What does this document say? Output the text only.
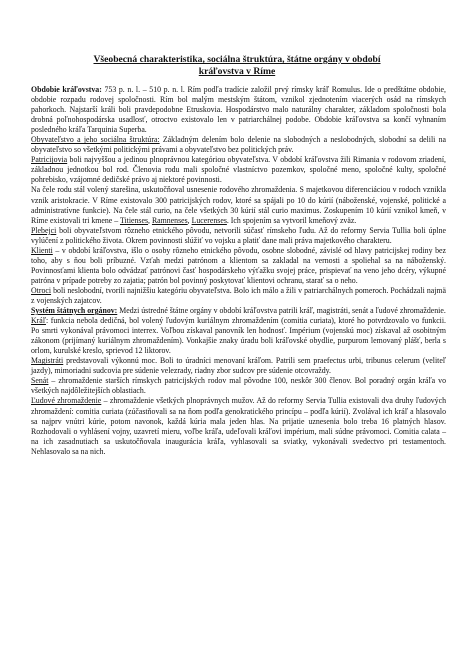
Všeobecná charakteristika, sociálna štruktúra, štátne orgány v období
kráľovstva v Ríme

Obdobie kráľovstva: 753 p. n. l. – 510 p. n. l. Rím podľa tradície založil prvý rímsky kráľ Romulus. Ide o predštátne obdobie, obdobie rozpadu rodovej spoločnosti. Rím bol malým mestským štátom, vznikol zjednotením viacerých osád na rímskych pahorkoch. Najstarší králi boli pravdepodobne Etruskovia. Hospodárstvo malo naturálny charakter, základom spoločnosti bola drobná poľnohospodárska usadlosť, otroctvo existovalo len v patriarchálnej podobe. Obdobie kráľovstva sa končí vyhnaním posledného kráľa Tarquinia Superba.

Obyvateľstvo a jeho sociálna štruktúra: Základným delením bolo delenie na slobodných a neslobodných, slobodní sa delili na obyvateľstvo so všetkými politickými právami a obyvateľstvo bez politických práv.

Patricijovia boli najvyššou a jedinou plnoprávnou kategóriou obyvateľstva. V období kráľovstva žili Rimania v rodovom zriadení, základnou jednotkou bol rod. Členovia rodu mali spoločné vlastníctvo pozemkov, spoločné meno, spoločné kulty, spoločné pohrebisko, vzájomné dedičské právo aj niektoré povinnosti.

Na čele rodu stál volený starešina, uskutočňoval usnesenie rodového zhromaždenia. S majetkovou diferenciáciou v rodoch vznikla vznik aristokracie. V Ríme existovalo 300 patricijských rodov, ktoré sa spájali po 10 do kúrií (náboženské, vojenské, politické a administratívne funkcie). Na čele stál curio, na čele všetkých 30 kúrií stál curio maximus. Zoskupením 10 kúrií vznikol kmeň, v Ríme existovali tri kmene – Titienses, Ramnenses, Lucerenses. Ich spojením sa vytvoril kmeňový zväz.

Plebejci boli obyvateľstvom rôzneho etnického pôvodu, netvorili súčasť rímskeho ľudu. Až do reformy Servia Tullia boli úplne vylúčení z politického života. Okrem povinnosti slúžiť vo vojsku a platiť dane mali práva majetkového charakteru.

Klienti – v období kráľovstva, išlo o osoby rôzneho etnického pôvodu, osobne slobodné, závislé od hlavy patricijskej rodiny bez toho, aby s ňou boli príbuzné. Vzťah medzi patrónom a klientom sa zakladal na vernosti a spoliehal sa na náboženský. Povinnosťami klienta bolo odvádzať patrónovi časť hospodárskeho výťažku svojej práce, prispievať na veno jeho dcéry, výkupné patróna v prípade potreby zo zajatia; patrón bol povinný poskytovať klientovi ochranu, starať sa o neho.

Otroci boli neslobodní, tvorili najnižšiu kategóriu obyvateľstva. Bolo ich málo a žili v patriarchálnych pomeroch. Pochádzali najmä z vojenských zajatcov.

Systém štátnych orgánov: Medzi ústredné štátne orgány v období kráľovstva patrili kráľ, magistráti, senát a ľudové zhromaždenie.

Kráľ: funkcia nebola dedičná, bol volený ľudovým kuriálnym zhromaždením (comitia curiata), ktoré ho potvrdzovalo vo funkcii. Po smrti vykonával právomoci interrex. Voľbou získaval panovník len hodnosť. Impérium (vojenskú moc) získaval až osobitným zákonom (prijímaný kuriálnym zhromaždením). Vonkajšie znaky úradu boli kráľovské obydlie, purpurom lemovaný plášť, berla s orlom, kurulské kreslo, sprievod 12 liktorov.

Magistráti predstavovali výkonnú moc. Boli to úradníci menovaní kráľom. Patrili sem praefectus urbi, tribunus celerum (veliteľ jazdy), mimoriadni sudcovia pre súdenie velezrady, riadny zbor sudcov pre súdenie otcovraždy.

Senát – zhromaždenie starších rímskych patricijských rodov mal pôvodne 100, neskôr 300 členov. Bol poradný orgán kráľa vo všetkých najdôležitejších oblastiach.

Ľudové zhromaždenie – zhromaždenie všetkých plnoprávnych mužov. Až do reformy Servia Tullia existovali dva druhy ľudových zhromaždení: comitia curiata (zúčastňovali sa na ňom podľa genokratického princípu – podľa kúrií). Zvolával ich kráľ a hlasovalo sa najprv vnútri kúrie, potom navonok, každá kúria mala jeden hlas. Na prijatie uznesenia bolo treba 16 platných hlasov. Rozhodovali o vyhlásení vojny, uzavretí mieru, voľbe kráľa, udeľovali kráľovi impérium, mali súdne právomoci. Comitia calata – na ich zasadnutiach sa uskutočňovala inaugurácia kráľa, vyhlasovali sa sviatky, vykonávali svedectvo pri testamentoch. Nehlasovalo sa na nich.
